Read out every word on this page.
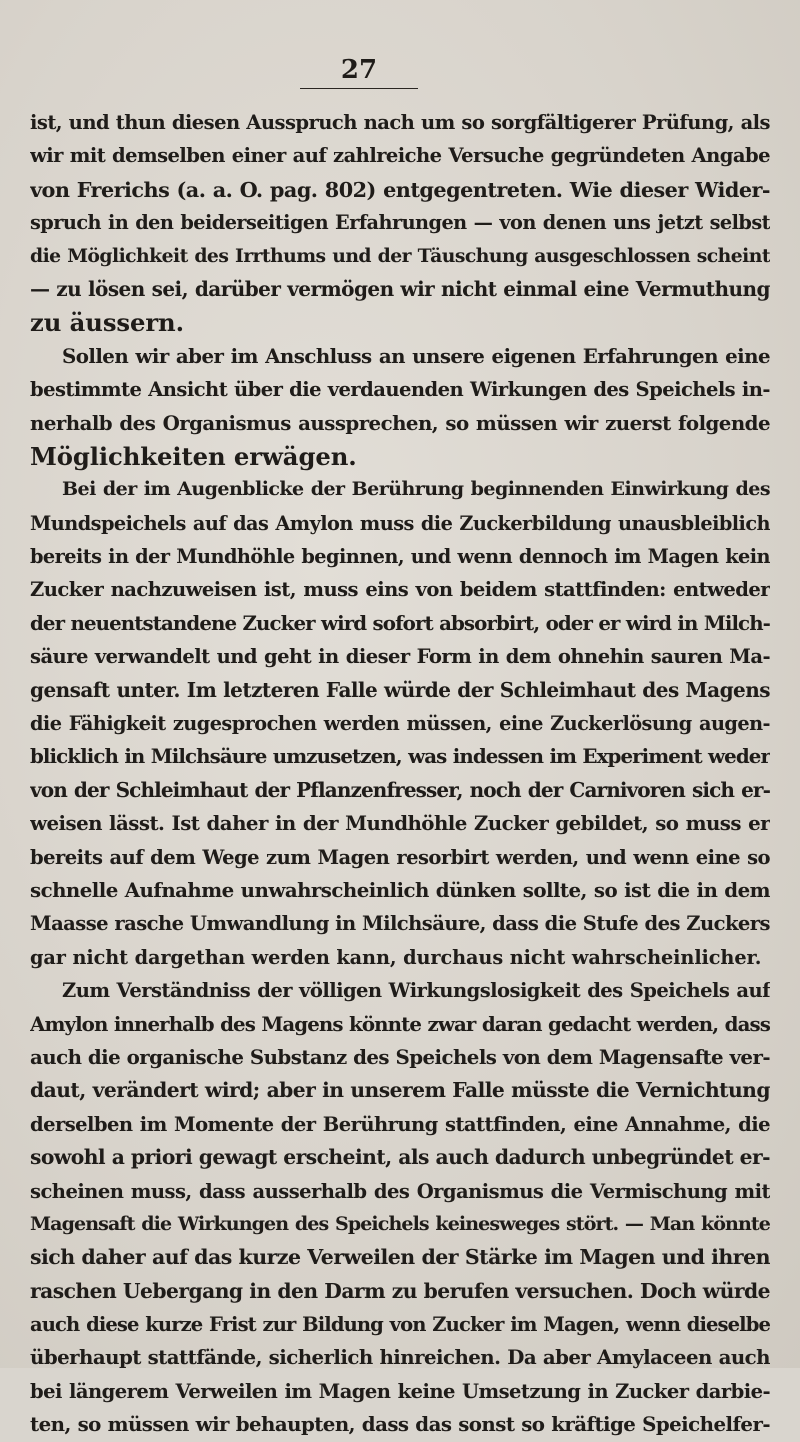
27
ist, und thun diesen Ausspruch nach um so sorgfältigerer Prüfung, als
wir mit demselben einer auf zahlreiche Versuche gegründeten Angabe
von Frerichs (a. a. O. pag. 802) entgegentreten. Wie dieser Wider-
spruch in den beiderseitigen Erfahrungen — von denen uns jetzt selbst
die Möglichkeit des Irrthums und der Täuschung ausgeschlossen scheint
— zu lösen sei, darüber vermögen wir nicht einmal eine Vermuthung
zu äussern.
Sollen wir aber im Anschluss an unsere eigenen Erfahrungen eine
bestimmte Ansicht über die verdauenden Wirkungen des Speichels in-
nerhalb des Organismus aussprechen, so müssen wir zuerst folgende
Möglichkeiten erwägen.
Bei der im Augenblicke der Berührung beginnenden Einwirkung des
Mundspeichels auf das Amylon muss die Zuckerbildung unausbleiblich
bereits in der Mundhöhle beginnen, und wenn dennoch im Magen kein
Zucker nachzuweisen ist, muss eins von beidem stattfinden: entweder
der neuentstandene Zucker wird sofort absorbirt, oder er wird in Milch-
säure verwandelt und geht in dieser Form in dem ohnehin sauren Ma-
gensaft unter. Im letzteren Falle würde der Schleimhaut des Magens
die Fähigkeit zugesprochen werden müssen, eine Zuckerlösung augen-
blicklich in Milchsäure umzusetzen, was indessen im Experiment weder
von der Schleimhaut der Pflanzenfresser, noch der Carnivoren sich er-
weisen lässt. Ist daher in der Mundhöhle Zucker gebildet, so muss er
bereits auf dem Wege zum Magen resorbirt werden, und wenn eine so
schnelle Aufnahme unwahrscheinlich dünken sollte, so ist die in dem
Maasse rasche Umwandlung in Milchsäure, dass die Stufe des Zuckers
gar nicht dargethan werden kann, durchaus nicht wahrscheinlicher.
Zum Verständniss der völligen Wirkungslosigkeit des Speichels auf
Amylon innerhalb des Magens könnte zwar daran gedacht werden, dass
auch die organische Substanz des Speichels von dem Magensafte ver-
daut, verändert wird; aber in unserem Falle müsste die Vernichtung
derselben im Momente der Berührung stattfinden, eine Annahme, die
sowohl a priori gewagt erscheint, als auch dadurch unbegründet er-
scheinen muss, dass ausserhalb des Organismus die Vermischung mit
Magensaft die Wirkungen des Speichels keinesweges stört. — Man könnte
sich daher auf das kurze Verweilen der Stärke im Magen und ihren
raschen Uebergang in den Darm zu berufen versuchen. Doch würde
auch diese kurze Frist zur Bildung von Zucker im Magen, wenn dieselbe
überhaupt stattfände, sicherlich hinreichen. Da aber Amylaceen auch
bei längerem Verweilen im Magen keine Umsetzung in Zucker darbie-
ten, so müssen wir behaupten, dass das sonst so kräftige Speichelfer-
